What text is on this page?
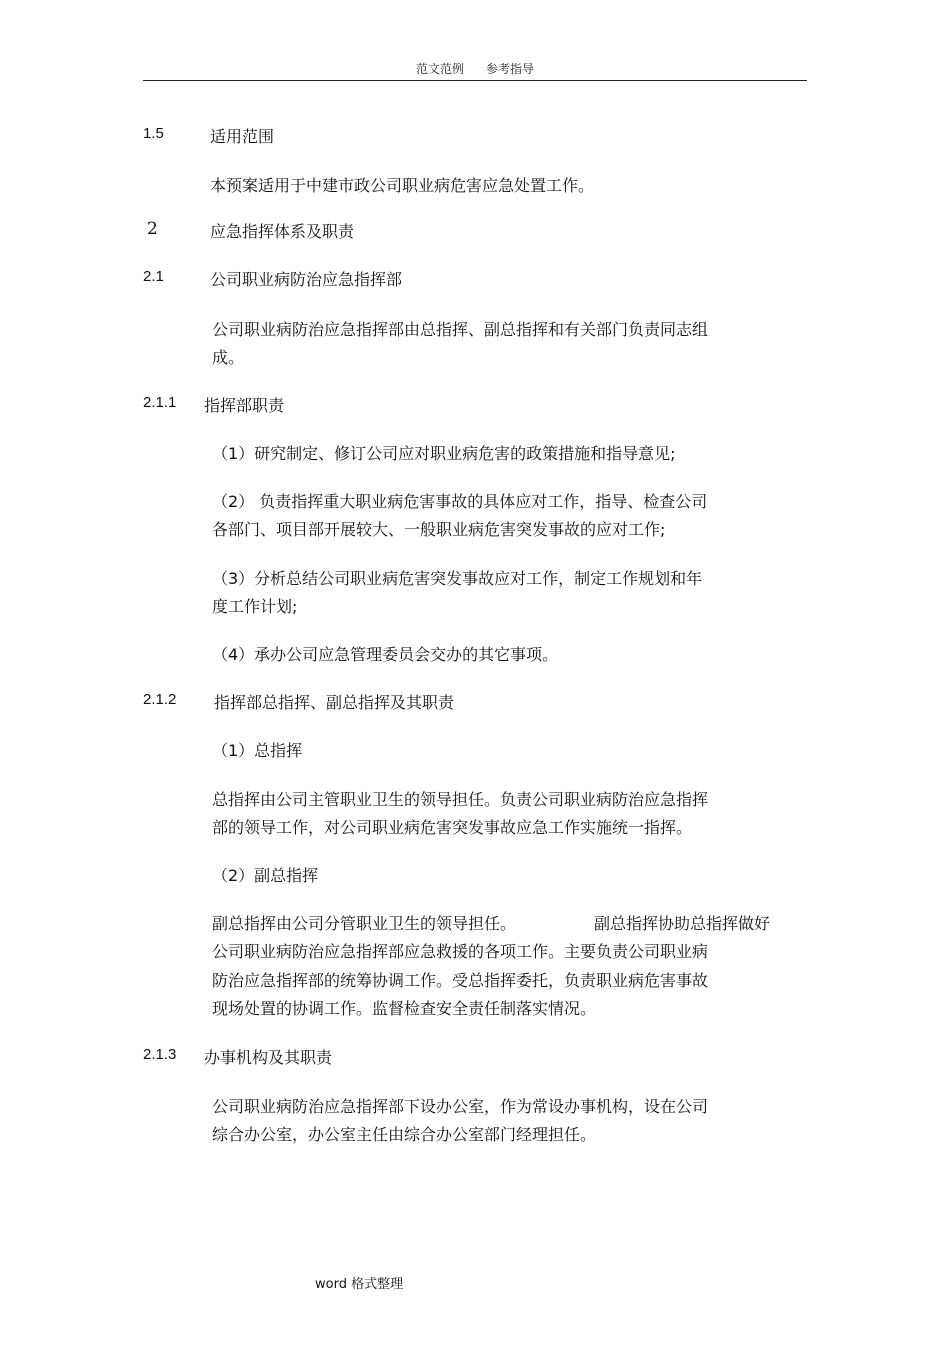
范文范例 参考指导
1.5	适用范围
本预案适用于中建市政公司职业病危害应急处置工作。
2	应急指挥体系及职责
2.1	公司职业病防治应急指挥部
公司职业病防治应急指挥部由总指挥、副总指挥和有关部门负责同志组
成。
2.1.1 指挥部职责
（1）研究制定、修订公司应对职业病危害的政策措施和指导意见;
（2） 负责指挥重大职业病危害事故的具体应对工作，指导、检查公司
各部门、项目部开展较大、一般职业病危害突发事故的应对工作;
（3）分析总结公司职业病危害突发事故应对工作，制定工作规划和年
度工作计划;
（4）承办公司应急管理委员会交办的其它事项。
2.1.2 指挥部总指挥、副总指挥及其职责
（1）总指挥
总指挥由公司主管职业卫生的领导担任。负责公司职业病防治应急指挥
部的领导工作，对公司职业病危害突发事故应急工作实施统一指挥。
（2）副总指挥
副总指挥由公司分管职业卫生的领导担任。	副总指挥协助总指挥做好
公司职业病防治应急指挥部应急救援的各项工作。主要负责公司职业病
防治应急指挥部的统筹协调工作。受总指挥委托，负责职业病危害事故
现场处置的协调工作。监督检查安全责任制落实情况。
2.1.3 办事机构及其职责
公司职业病防治应急指挥部下设办公室，作为常设办事机构，设在公司
综合办公室，办公室主任由综合办公室部门经理担任。
word 格式整理
